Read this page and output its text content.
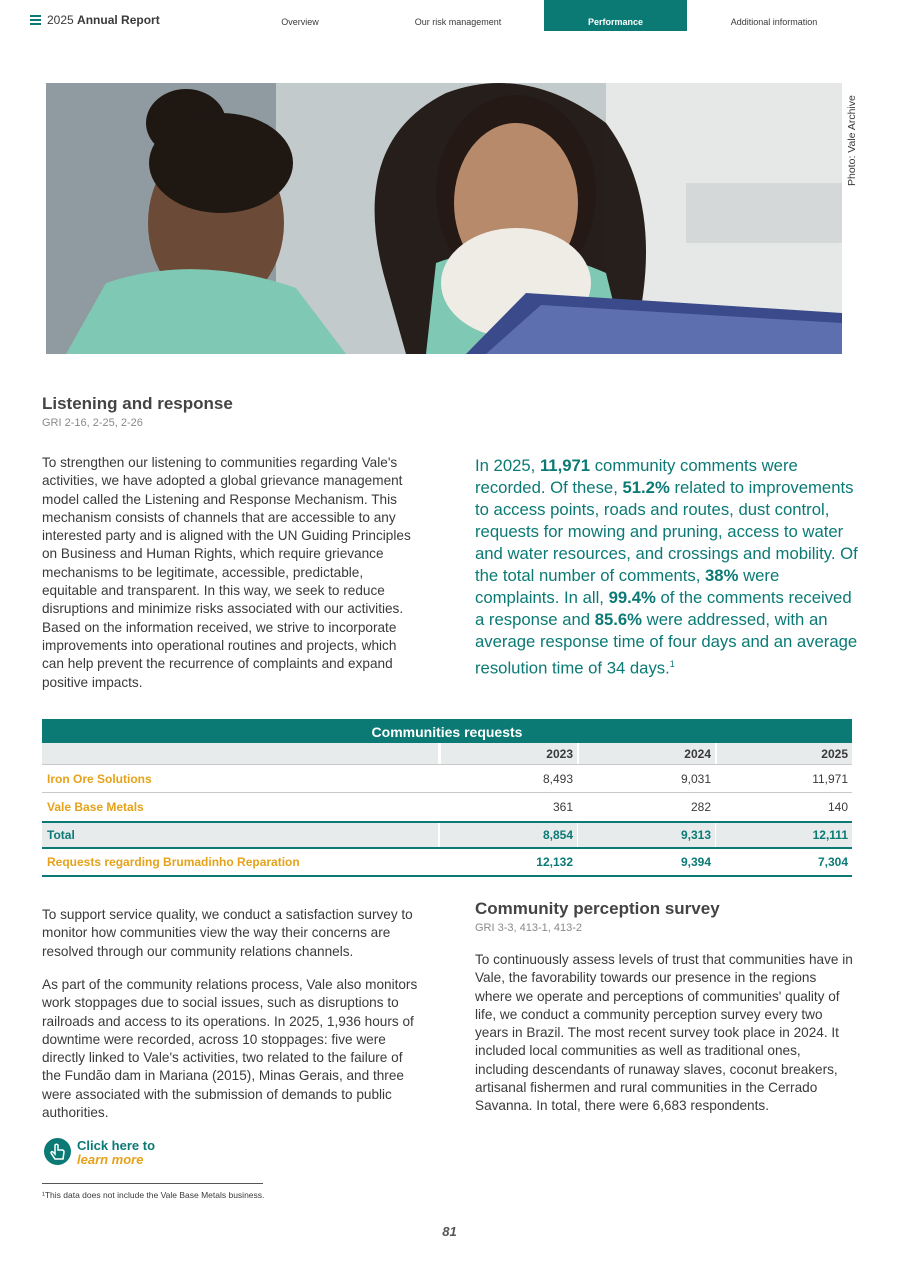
2025 Annual Report	Overview	Our risk management	Performance	Additional information
Photo: Vale Archive
Listening and response
GRI 2-16, 2-25, 2-26
To strengthen our listening to communities regarding Vale's activities, we have adopted a global grievance management model called the Listening and Response Mechanism. This mechanism consists of channels that are accessible to any interested party and is aligned with the UN Guiding Principles on Business and Human Rights, which require grievance mechanisms to be legitimate, accessible, predictable, equitable and transparent. In this way, we seek to reduce disruptions and minimize risks associated with our activities. Based on the information received, we strive to incorporate improvements into operational routines and projects, which can help prevent the recurrence of complaints and expand positive impacts.
In 2025, 11,971 community comments were recorded. Of these, 51.2% related to improvements to access points, roads and routes, dust control, requests for mowing and pruning, access to water and water resources, and crossings and mobility. Of the total number of comments, 38% were complaints. In all, 99.4% of the comments received a response and 85.6% were addressed, with an average response time of four days and an average resolution time of 34 days.$^1$
Communities requests
2023	2024	2025
Iron Ore Solutions	8,493	9,031	11,971
Vale Base Metals	361	282	140
Total	8,854	9,313	12,111
Requests regarding Brumadinho Reparation	12,132	9,394	7,304
To support service quality, we conduct a satisfaction survey to monitor how communities view the way their concerns are resolved through our community relations channels.
As part of the community relations process, Vale also monitors work stoppages due to social issues, such as disruptions to railroads and access to its operations. In 2025, 1,936 hours of downtime were recorded, across 10 stoppages: five were directly linked to Vale's activities, two related to the failure of the Fundão dam in Mariana (2015), Minas Gerais, and three were associated with the submission of demands to public authorities.
Click here to
learn more
Community perception survey
GRI 3-3, 413-1, 413-2
To continuously assess levels of trust that communities have in Vale, the favorability towards our presence in the regions where we operate and perceptions of communities' quality of life, we conduct a community perception survey every two years in Brazil. The most recent survey took place in 2024. It included local communities as well as traditional ones, including descendants of runaway slaves, coconut breakers, artisanal fishermen and rural communities in the Cerrado Savanna. In total, there were 6,683 respondents.
¹This data does not include the Vale Base Metals business.
81
